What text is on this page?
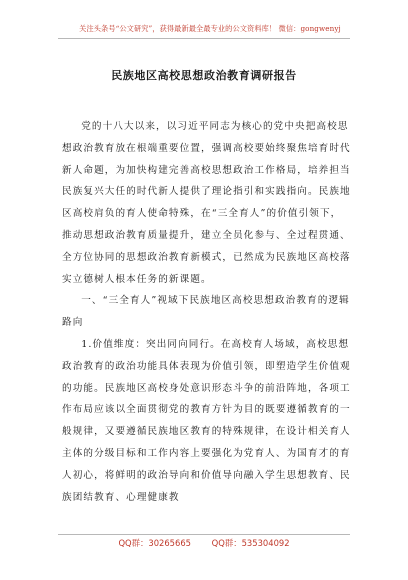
关注头条号“公文研究”，获得最新最全最专业的公文资料库！ 微信：gongwenyj
民族地区高校思想政治教育调研报告

党的十八大以来，以习近平同志为核心的党中央把高校思想政治教育放在根端重要位置，强调高校要始终聚焦培育时代新人命题，为加快构建完善高校思想政治工作格局，培养担当民族复兴大任的时代新人提供了理论指引和实践指向。民族地区高校肩负的育人使命特殊，在“三全育人”的价值引领下，推动思想政治教育质量提升，建立全员化参与、全过程贯通、全方位协同的思想政治教育新模式，已然成为民族地区高校落实立德树人根本任务的新课题。

一、“三全育人”视域下民族地区高校思想政治教育的逻辑路向

1.价值维度：突出同向同行。在高校育人场域，高校思想政治教育的政治功能具体表现为价值引领，即塑造学生价值观的功能。民族地区高校身处意识形态斗争的前沿阵地，各项工作布局应该以全面贯彻党的教育方针为目的既要遵循教育的一般规律，又要遵循民族地区教育的特殊规律，在设计相关育人主体的分级目标和工作内容上要强化为党育人、为国育才的育人初心，将鲜明的政治导向和价值导向融入学生思想教育、民族团结教育、心理健康教

QQ群：30265665 QQ群：535304092
